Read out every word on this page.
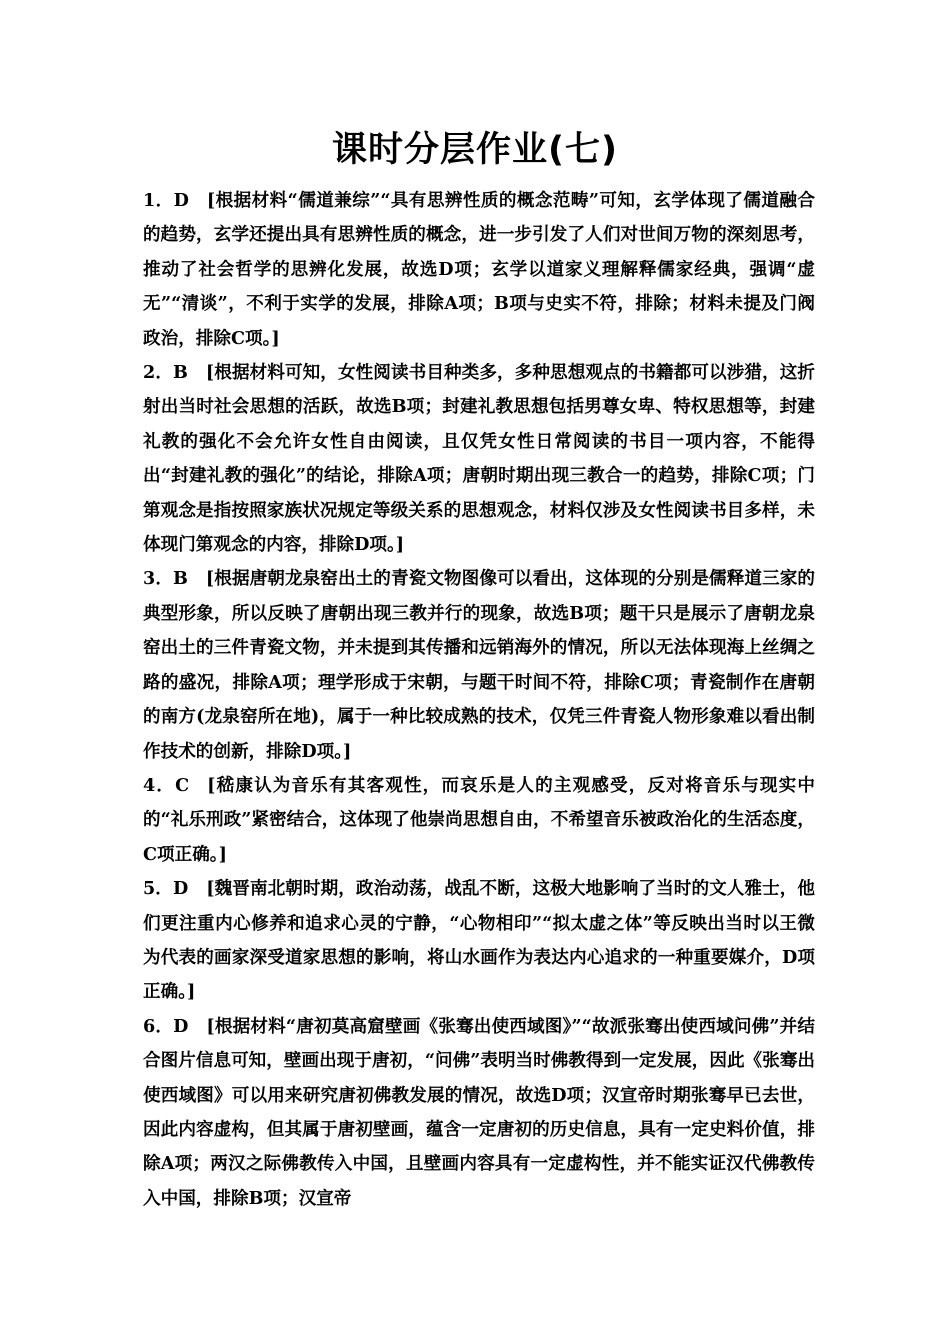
课时分层作业(七)

1．D [根据材料“儒道兼综”“具有思辨性质的概念范畴”可知，玄学体现了儒道融合的趋势，玄学还提出具有思辨性质的概念，进一步引发了人们对世间万物的深刻思考，推动了社会哲学的思辨化发展，故选D项；玄学以道家义理解释儒家经典，强调“虚无”“清谈”，不利于实学的发展，排除A项；B项与史实不符，排除；材料未提及门阀政治，排除C项。]

2．B [根据材料可知，女性阅读书目种类多，多种思想观点的书籍都可以涉猎，这折射出当时社会思想的活跃，故选B项；封建礼教思想包括男尊女卑、特权思想等，封建礼教的强化不会允许女性自由阅读，且仅凭女性日常阅读的书目一项内容，不能得出“封建礼教的强化”的结论，排除A项；唐朝时期出现三教合一的趋势，排除C项；门第观念是指按照家族状况规定等级关系的思想观念，材料仅涉及女性阅读书目多样，未体现门第观念的内容，排除D项。]

3．B [根据唐朝龙泉窑出土的青瓷文物图像可以看出，这体现的分别是儒释道三家的典型形象，所以反映了唐朝出现三教并行的现象，故选B项；题干只是展示了唐朝龙泉窑出土的三件青瓷文物，并未提到其传播和远销海外的情况，所以无法体现海上丝绸之路的盛况，排除A项；理学形成于宋朝，与题干时间不符，排除C项；青瓷制作在唐朝的南方(龙泉窑所在地)，属于一种比较成熟的技术，仅凭三件青瓷人物形象难以看出制作技术的创新，排除D项。]

4．C [嵇康认为音乐有其客观性，而哀乐是人的主观感受，反对将音乐与现实中的“礼乐刑政”紧密结合，这体现了他崇尚思想自由，不希望音乐被政治化的生活态度，C项正确。]

5．D [魏晋南北朝时期，政治动荡，战乱不断，这极大地影响了当时的文人雅士，他们更注重内心修养和追求心灵的宁静，“心物相印”“拟太虚之体”等反映出当时以王微为代表的画家深受道家思想的影响，将山水画作为表达内心追求的一种重要媒介，D项正确。]

6．D [根据材料“唐初莫高窟壁画《张骞出使西域图》”“故派张骞出使西域问佛”并结合图片信息可知，壁画出现于唐初，“问佛”表明当时佛教得到一定发展，因此《张骞出使西域图》可以用来研究唐初佛教发展的情况，故选D项；汉宣帝时期张骞早已去世，因此内容虚构，但其属于唐初壁画，蕴含一定唐初的历史信息，具有一定史料价值，排除A项；两汉之际佛教传入中国，且壁画内容具有一定虚构性，并不能实证汉代佛教传入中国，排除B项；汉宣帝
